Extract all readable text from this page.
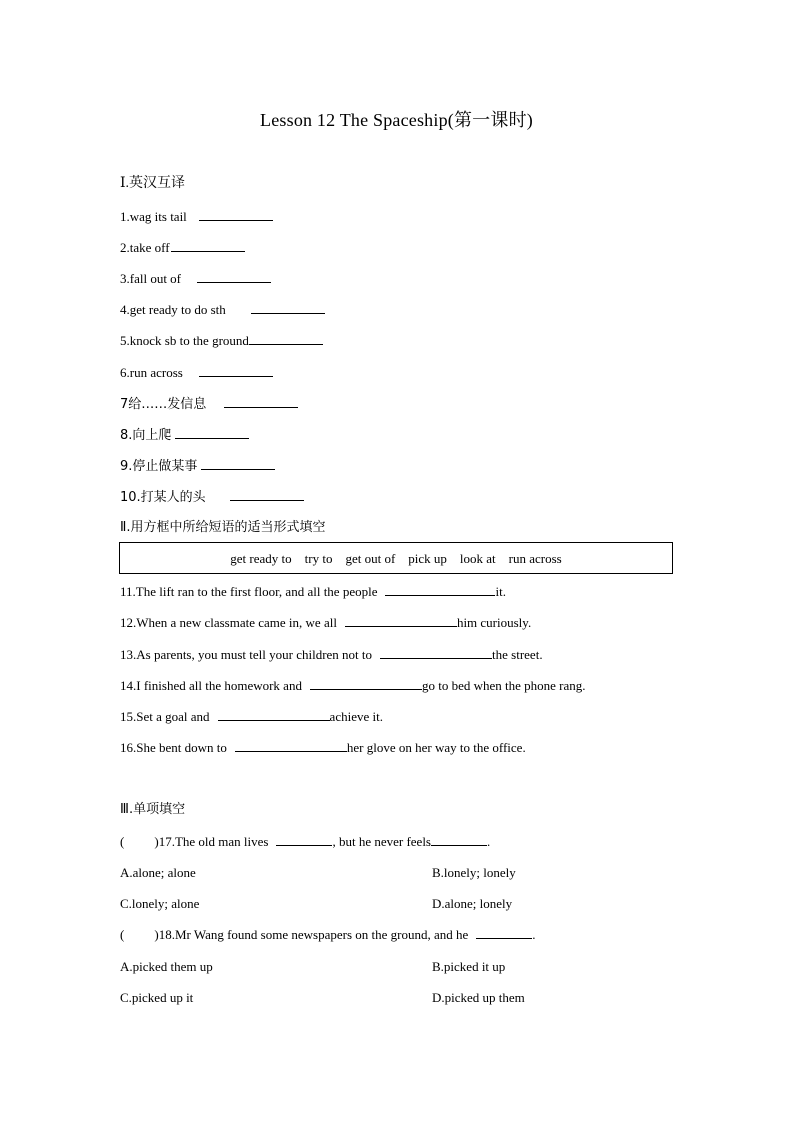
Lesson 12 The Spaceship(第一课时)
Ⅰ.英汉互译
1.wag its tail
2.take off
3.fall out of
4.get ready to do sth
5.knock sb to the ground
6.run across
7给……发信息
8.向上爬
9.停止做某事
10.打某人的头
Ⅱ.用方框中所给短语的适当形式填空
get ready to    try to    get out of    pick up    look at    run across
11.The lift ran to the first floor, and all the people	it.
12.When a new classmate came in, we all	him curiously.
13.As parents, you must tell your children not to	the street.
14.I finished all the homework and	go to bed when the phone rang.
15.Set a goal and	achieve it.
16.She bent down to	her glove on her way to the office.
Ⅲ.单项填空
( )17.The old man lives	, but he never feels	.
A.alone; alone	B.lonely; lonely
C.lonely; alone	D.alone; lonely
( )18.Mr Wang found some newspapers on the ground, and he	.
A.picked them up	B.picked it up
C.picked up it	D.picked up them
